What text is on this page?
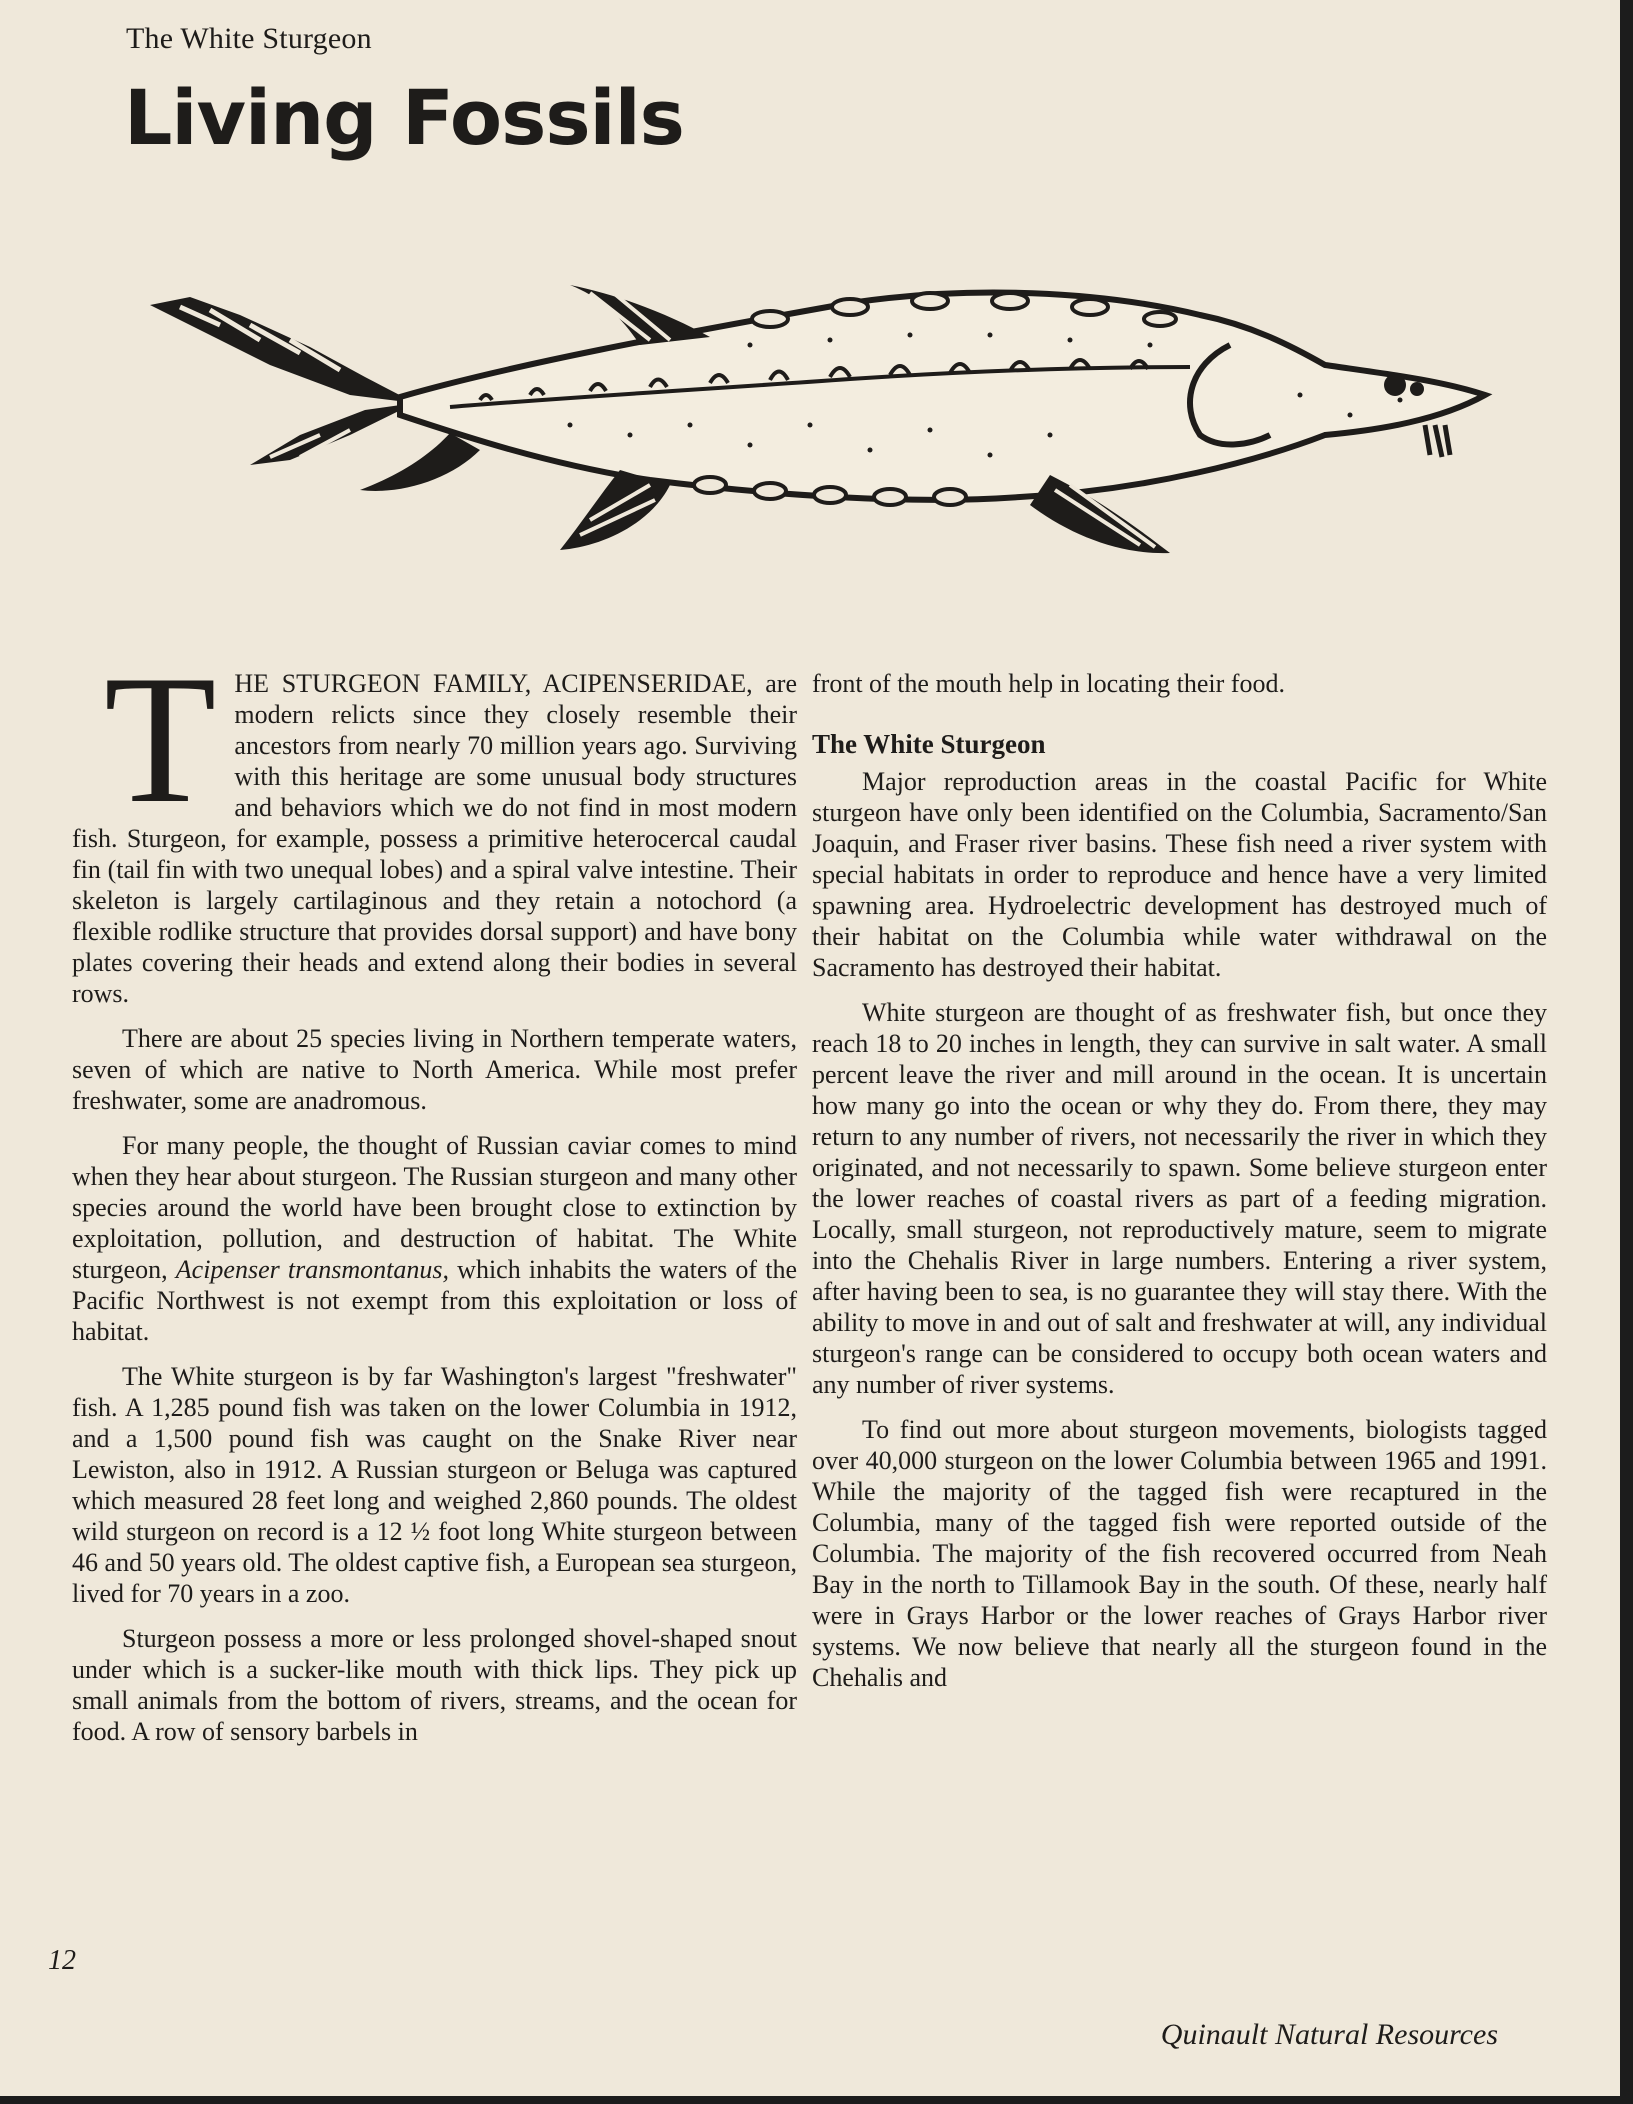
The White Sturgeon
Living Fossils

T HE STURGEON FAMILY, ACIPENSERIDAE, are modern relicts since they closely resemble their ancestors from nearly 70 million years ago. Surviving with this heritage are some unusual body structures and behaviors which we do not find in most modern fish. Sturgeon, for example, possess a primitive heterocercal caudal fin (tail fin with two unequal lobes) and a spiral valve intestine. Their skeleton is largely cartilaginous and they retain a notochord (a flexible rodlike structure that provides dorsal support) and have bony plates covering their heads and extend along their bodies in several rows.

There are about 25 species living in Northern temperate waters, seven of which are native to North America. While most prefer freshwater, some are anadromous.

For many people, the thought of Russian caviar comes to mind when they hear about sturgeon. The Russian sturgeon and many other species around the world have been brought close to extinction by exploitation, pollution, and destruction of habitat. The White sturgeon, Acipenser transmontanus, which inhabits the waters of the Pacific Northwest is not exempt from this exploitation or loss of habitat.

The White sturgeon is by far Washington's largest "freshwater" fish. A 1,285 pound fish was taken on the lower Columbia in 1912, and a 1,500 pound fish was caught on the Snake River near Lewiston, also in 1912. A Russian sturgeon or Beluga was captured which measured 28 feet long and weighed 2,860 pounds. The oldest wild sturgeon on record is a 12 ½ foot long White sturgeon between 46 and 50 years old. The oldest captive fish, a European sea sturgeon, lived for 70 years in a zoo.

Sturgeon possess a more or less prolonged shovel-shaped snout under which is a sucker-like mouth with thick lips. They pick up small animals from the bottom of rivers, streams, and the ocean for food. A row of sensory barbels in

front of the mouth help in locating their food.

The White Sturgeon

Major reproduction areas in the coastal Pacific for White sturgeon have only been identified on the Columbia, Sacramento/San Joaquin, and Fraser river basins. These fish need a river system with special habitats in order to reproduce and hence have a very limited spawning area. Hydroelectric development has destroyed much of their habitat on the Columbia while water withdrawal on the Sacramento has destroyed their habitat.

White sturgeon are thought of as freshwater fish, but once they reach 18 to 20 inches in length, they can survive in salt water. A small percent leave the river and mill around in the ocean. It is uncertain how many go into the ocean or why they do. From there, they may return to any number of rivers, not necessarily the river in which they originated, and not necessarily to spawn. Some believe sturgeon enter the lower reaches of coastal rivers as part of a feeding migration. Locally, small sturgeon, not reproductively mature, seem to migrate into the Chehalis River in large numbers. Entering a river system, after having been to sea, is no guarantee they will stay there. With the ability to move in and out of salt and freshwater at will, any individual sturgeon's range can be considered to occupy both ocean waters and any number of river systems.

To find out more about sturgeon movements, biologists tagged over 40,000 sturgeon on the lower Columbia between 1965 and 1991. While the majority of the tagged fish were recaptured in the Columbia, many of the tagged fish were reported outside of the Columbia. The majority of the fish recovered occurred from Neah Bay in the north to Tillamook Bay in the south. Of these, nearly half were in Grays Harbor or the lower reaches of Grays Harbor river systems. We now believe that nearly all the sturgeon found in the Chehalis and

12
Quinault Natural Resources
